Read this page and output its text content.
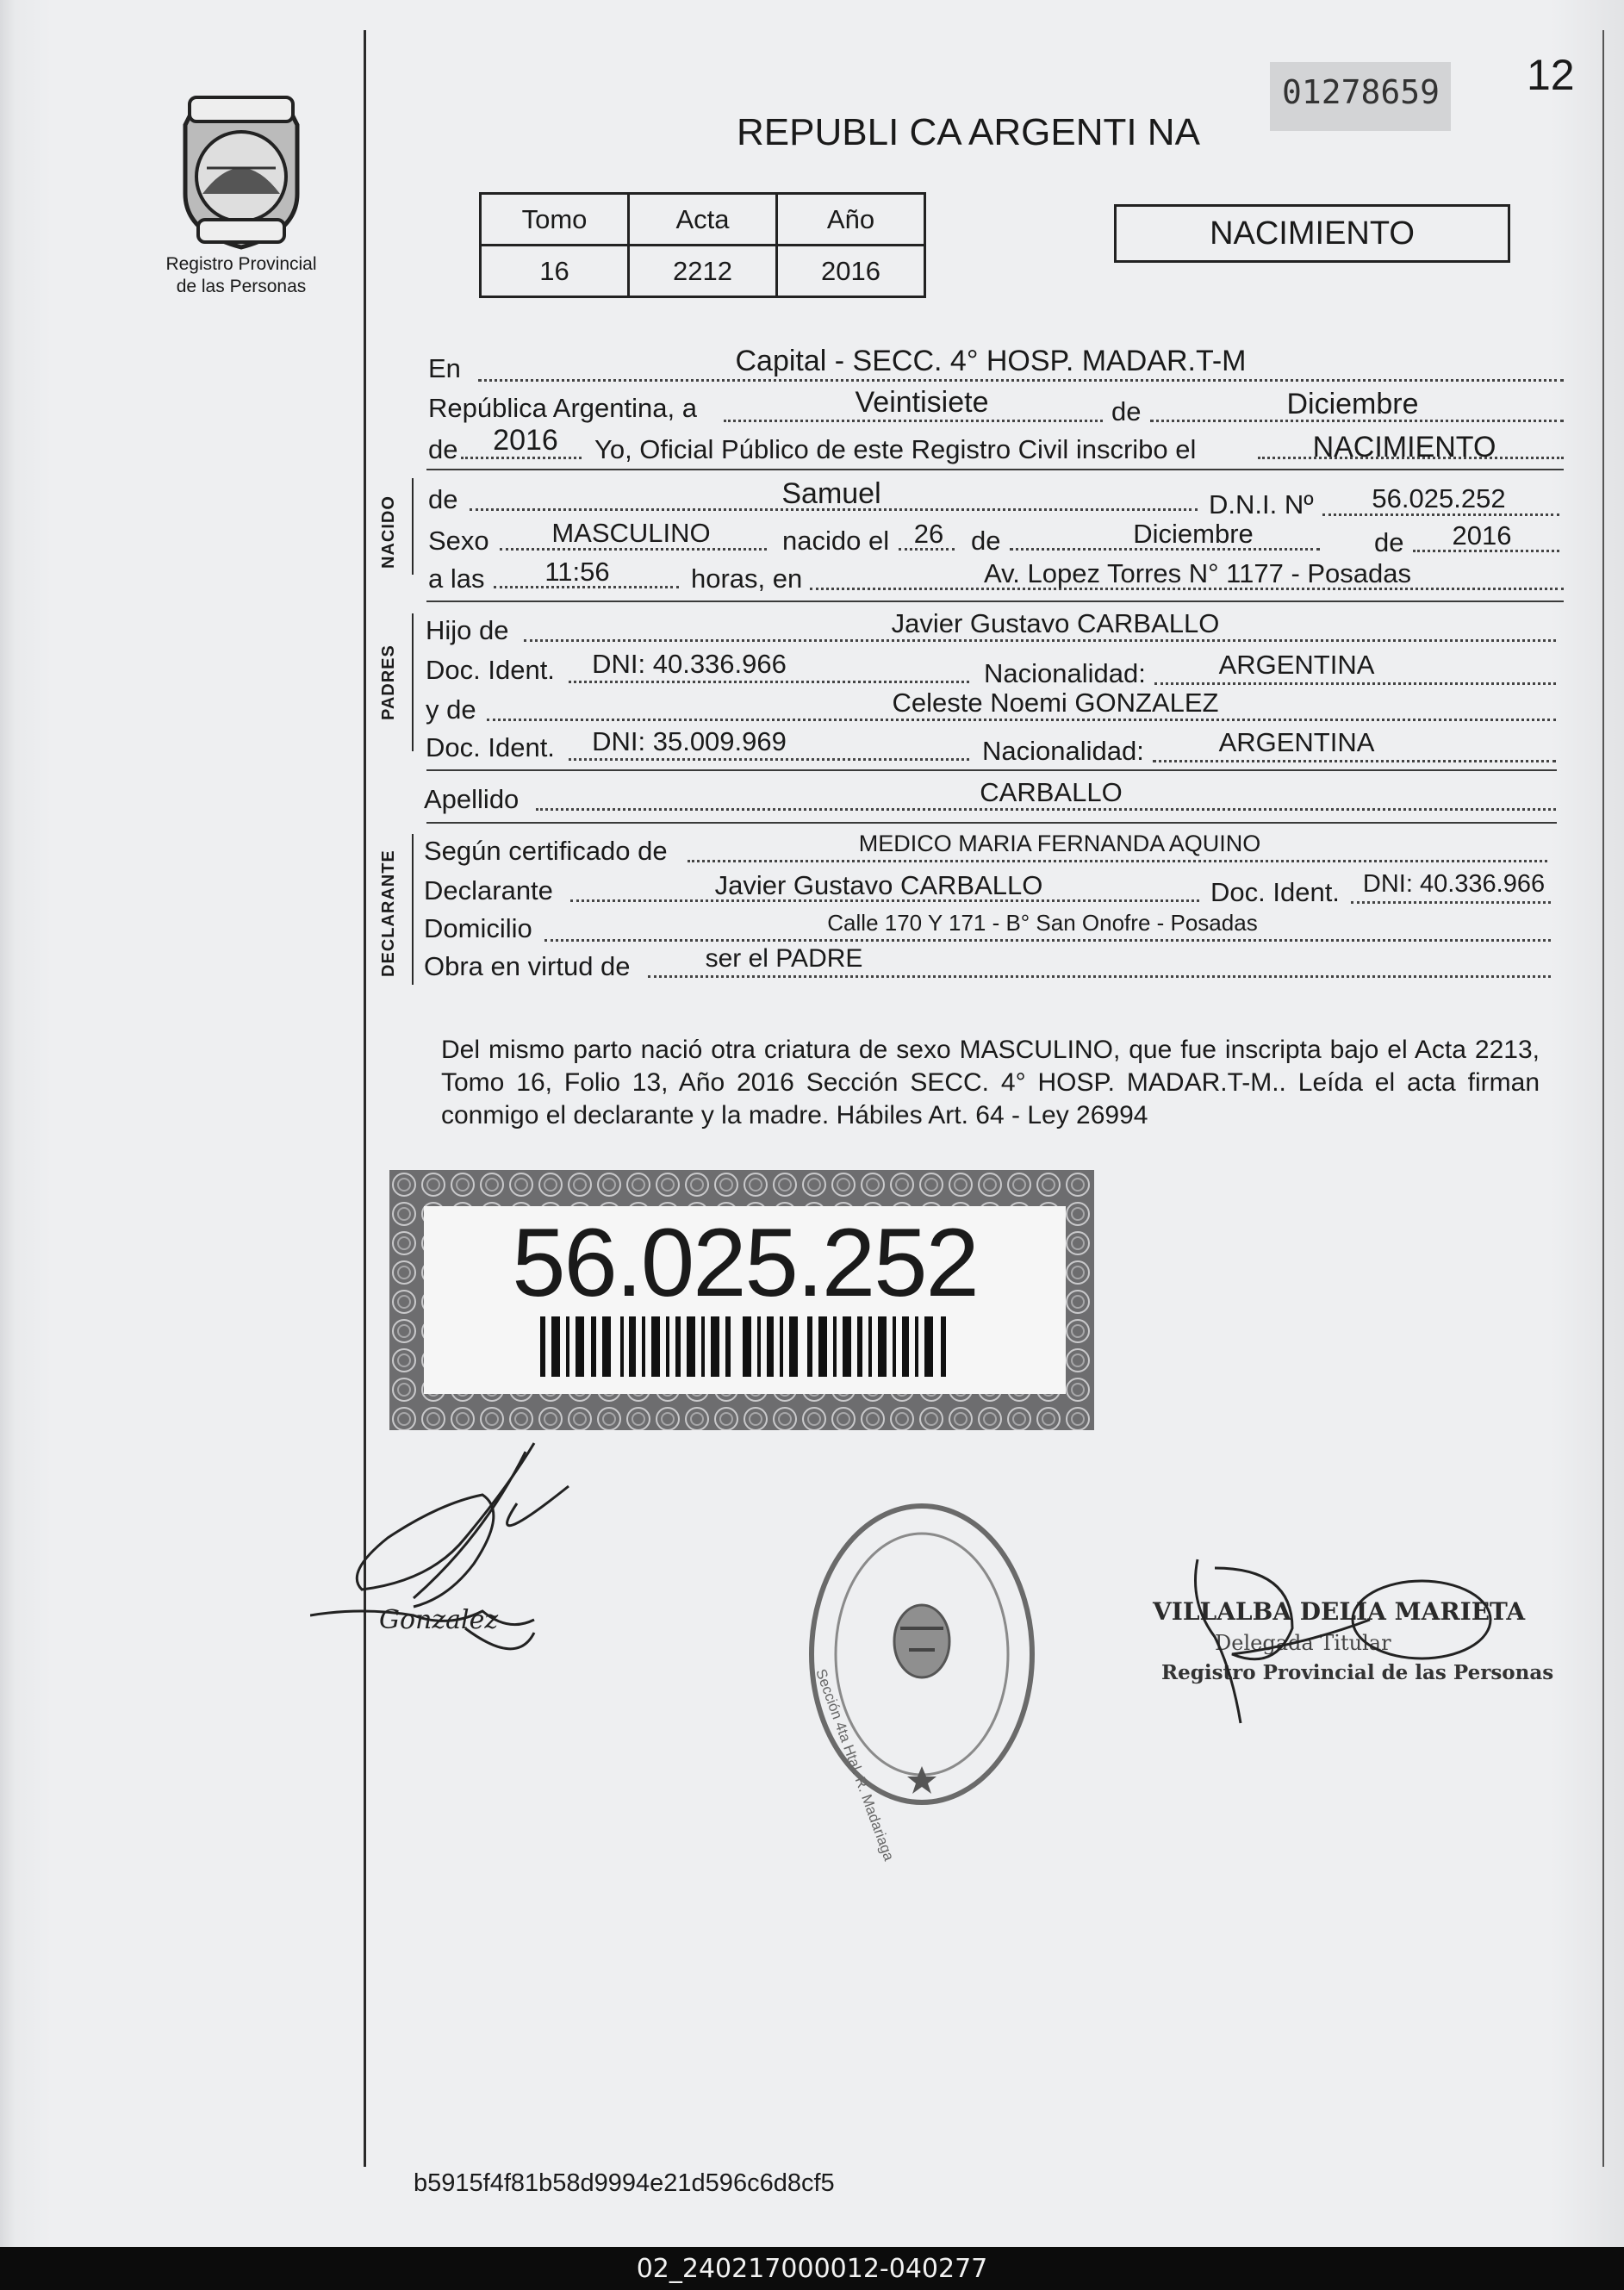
Registro Provincial
de las Personas
12
01278659
REPUBLI CA ARGENTI NA
Tomo	Acta	Año
16	2212	2016
NACIMIENTO
En	Capital - SECC. 4° HOSP. MADAR.T-M
República Argentina, a	Veintisiete	de	Diciembre
de	2016	Yo, Oficial Público de este Registro Civil inscribo el	NACIMIENTO
NACIDO de	Samuel	D.N.I. Nº	56.025.252
Sexo	MASCULINO	nacido el 26	de	Diciembre	de	2016
a las	11:56	horas, en	Av. Lopez Torres N° 1177 - Posadas
PADRES
Hijo de	Javier Gustavo CARBALLO
Doc. Ident.	DNI: 40.336.966	Nacionalidad:	ARGENTINA
y de	Celeste Noemi GONZALEZ
Doc. Ident.	DNI: 35.009.969	Nacionalidad:	ARGENTINA
Apellido	CARBALLO
DECLARANTE Según certificado de	MEDICO MARIA FERNANDA AQUINO
Declarante	Javier Gustavo CARBALLO	Doc. Ident. DNI: 40.336.966
Domicilio	Calle 170 Y 171 - B° San Onofre - Posadas
Obra en virtud de	ser el PADRE
Del mismo parto nació otra criatura de sexo MASCULINO, que fue inscripta bajo el Acta 2213, Tomo 16, Folio 13, Año 2016 Sección SECC. 4° HOSP. MADAR.T-M.. Leída el acta firman conmigo el declarante y la madre. Hábiles Art. 64 - Ley 26994
56.025.252
Gonzalez	VILLALBA DELIA MARIETA
Delegada Titular
Registro Provincial de las Personas
b5915f4f81b58d9994e21d596c6d8cf5
02_240217000012-040277
